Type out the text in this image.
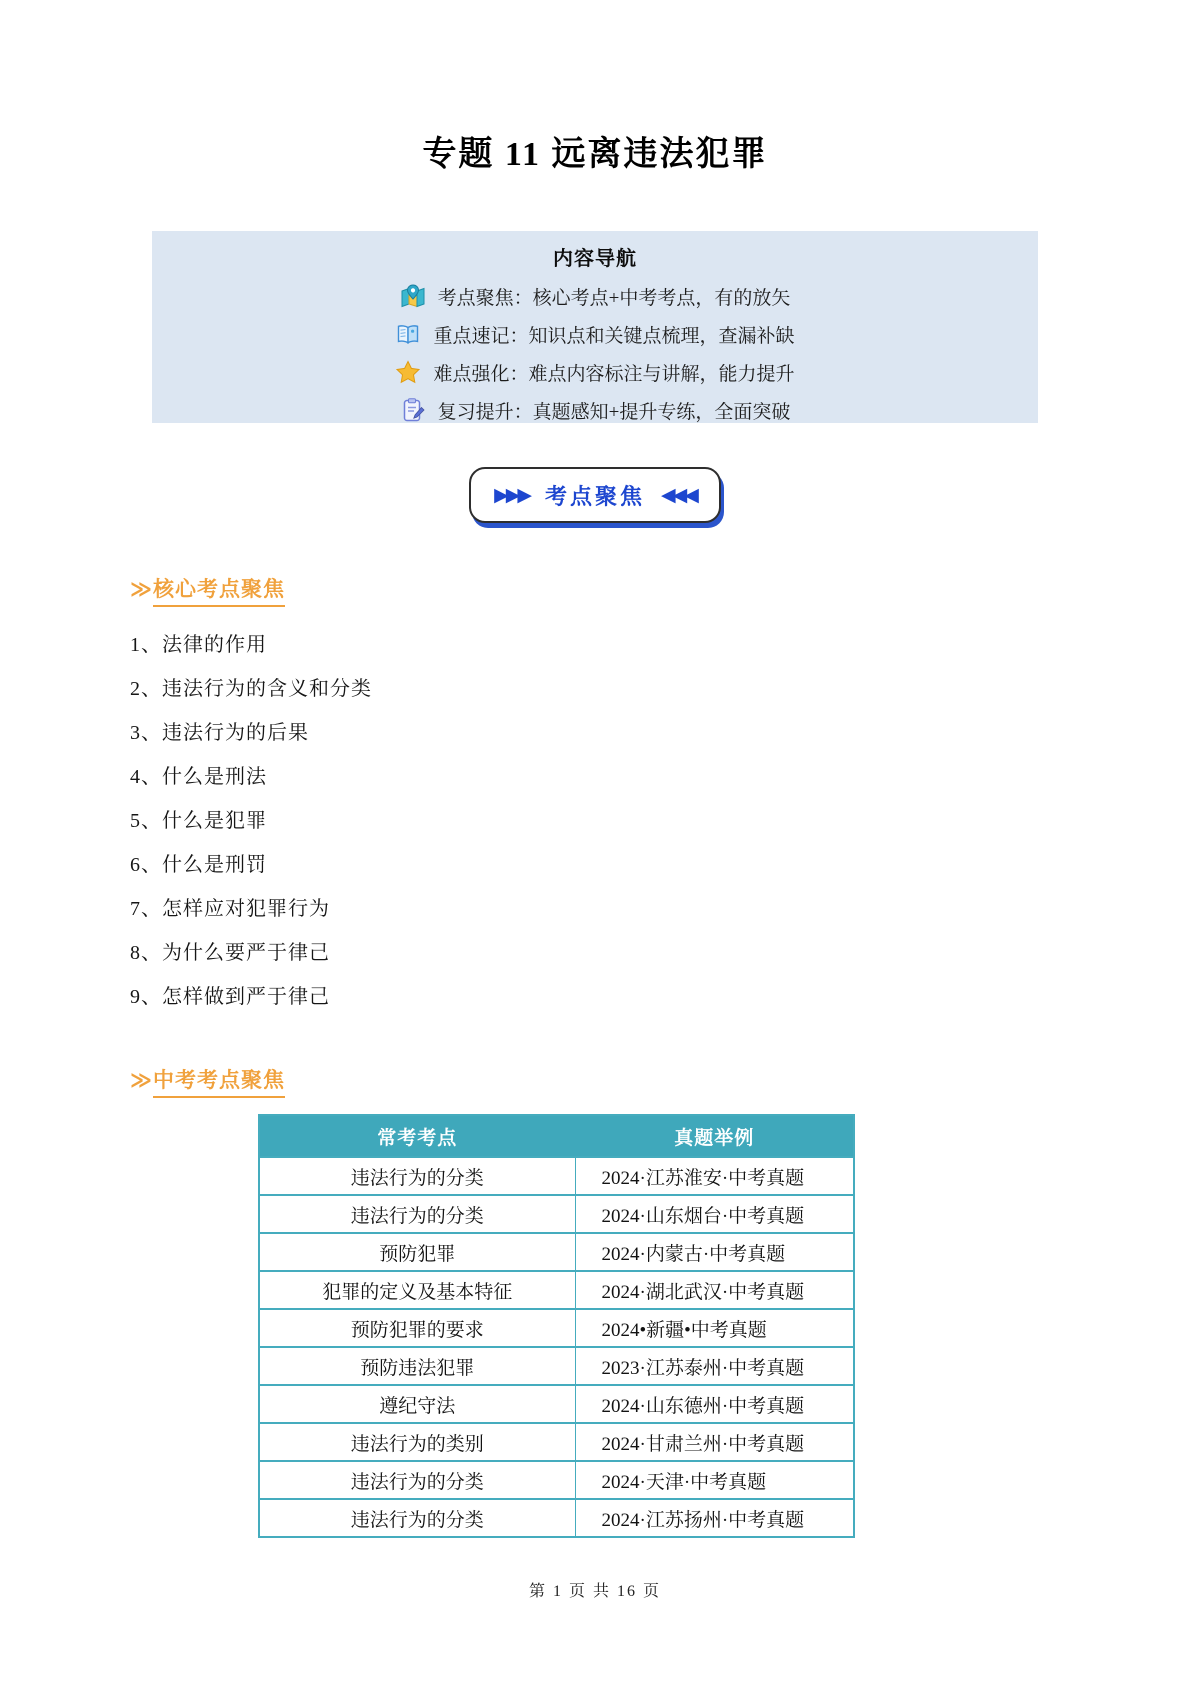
专题 11 远离违法犯罪
内容导航
考点聚焦：核心考点+中考考点，有的放矢
重点速记：知识点和关键点梳理，查漏补缺
难点强化：难点内容标注与讲解，能力提升
复习提升：真题感知+提升专练，全面突破
▶▶▶ 考点聚焦 ◀◀◀
≫核心考点聚焦
1、法律的作用
2、违法行为的含义和分类
3、违法行为的后果
4、什么是刑法
5、什么是犯罪
6、什么是刑罚
7、怎样应对犯罪行为
8、为什么要严于律己
9、怎样做到严于律己
≫中考考点聚焦
常考考点	真题举例
违法行为的分类	2024·江苏淮安·中考真题
违法行为的分类	2024·山东烟台·中考真题
预防犯罪	2024·内蒙古·中考真题
犯罪的定义及基本特征	2024·湖北武汉·中考真题
预防犯罪的要求	2024•新疆•中考真题
预防违法犯罪	2023·江苏泰州·中考真题
遵纪守法	2024·山东德州·中考真题
违法行为的类别	2024·甘肃兰州·中考真题
违法行为的分类	2024·天津·中考真题
违法行为的分类	2024·江苏扬州·中考真题
第 1 页 共 16 页
